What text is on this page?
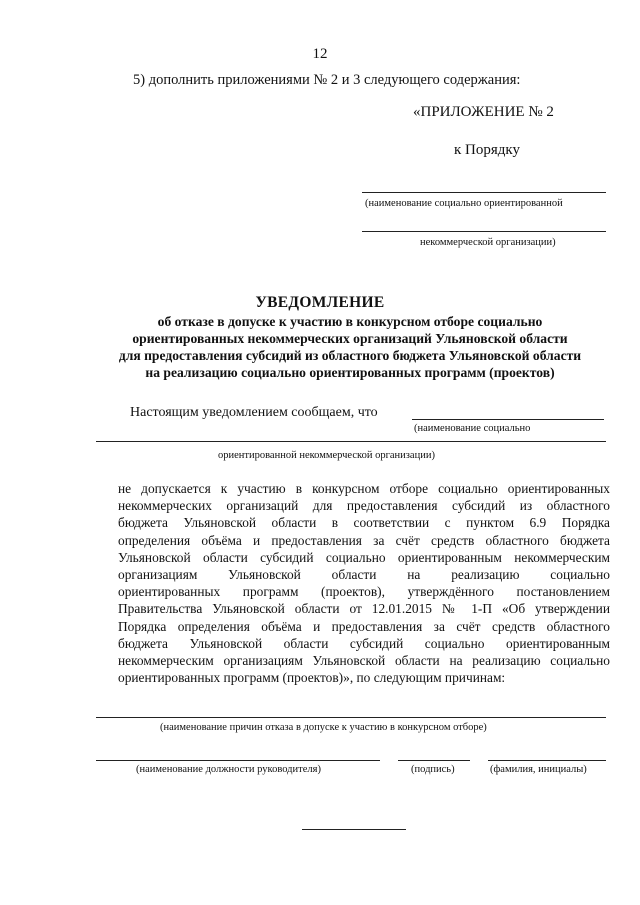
12
5) дополнить приложениями № 2 и 3 следующего содержания:
«ПРИЛОЖЕНИЕ № 2
к Порядку
(наименование социально ориентированной
некоммерческой организации)
УВЕДОМЛЕНИЕ
об отказе в допуске к участию в конкурсном отборе социально
ориентированных некоммерческих организаций Ульяновской области
для предоставления субсидий из областного бюджета Ульяновской области
на реализацию социально ориентированных программ (проектов)
Настоящим уведомлением сообщаем, что
(наименование социально
ориентированной некоммерческой организации)
не допускается к участию в конкурсном отборе социально ориентированных
некоммерческих организаций для предоставления субсидий из областного
бюджета Ульяновской области в соответствии с пунктом 6.9 Порядка
определения объёма и предоставления за счёт средств областного бюджета
Ульяновской области субсидий социально ориентированным некоммерческим
организациям Ульяновской области на реализацию социально
ориентированных программ (проектов), утверждённого постановлением
Правительства Ульяновской области от 12.01.2015 № 1-П «Об утверждении
Порядка определения объёма и предоставления за счёт средств областного
бюджета Ульяновской области субсидий социально ориентированным
некоммерческим организациям Ульяновской области на реализацию социально
ориентированных программ (проектов)», по следующим причинам:
(наименование причин отказа в допуске к участию в конкурсном отборе)
(наименование должности руководителя)	(подпись)	(фамилия, инициалы)
